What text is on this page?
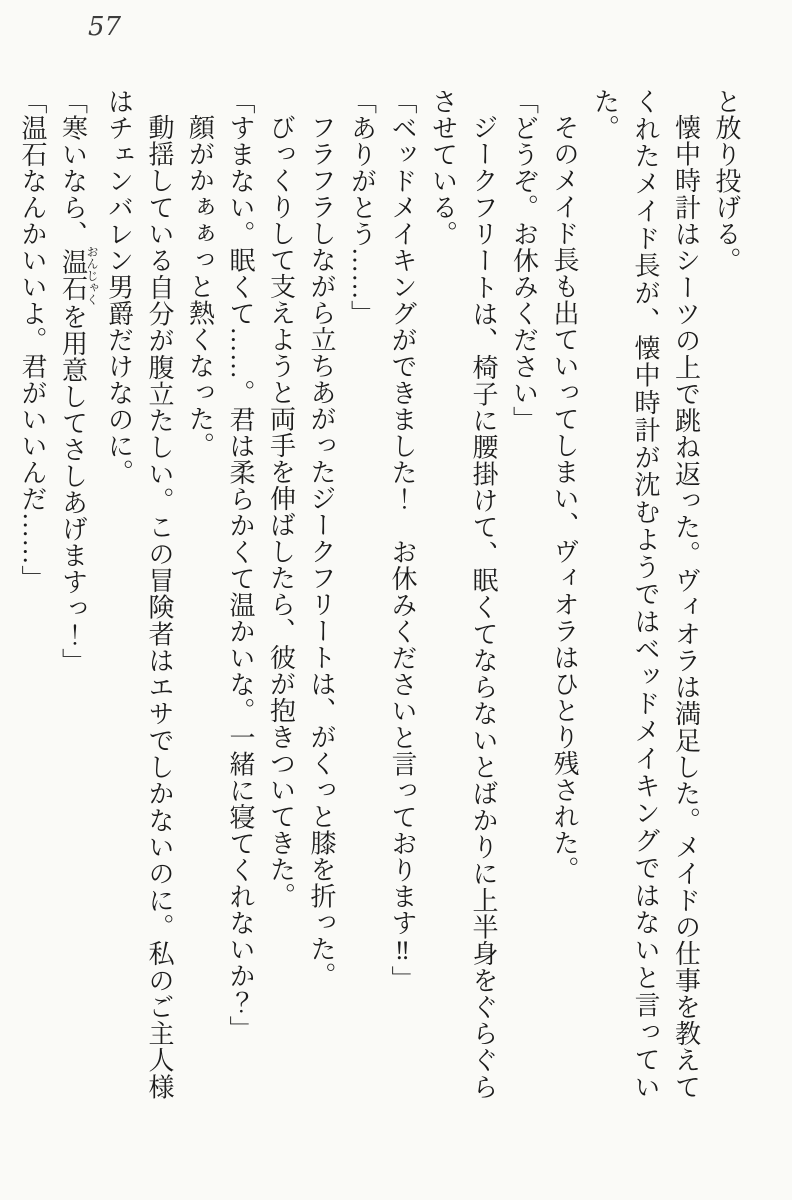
57

と放り投げる。

懐中時計はシーツの上で跳ね返った。ヴィオラは満足した。メイドの仕事を教えてくれたメイド長が、懐中時計が沈むようではベッドメイキングではないと言っていた。

そのメイド長も出ていってしまい、ヴィオラはひとり残された。

「どうぞ。お休みください」

ジークフリートは、椅子に腰掛けて、眠くてならないとばかりに上半身をぐらぐらさせている。

「ベッドメイキングができました！　お休みくださいと言っております‼」

「ありがとう……」

フラフラしながら立ちあがったジークフリートは、がくっと膝を折った。

びっくりして支えようと両手を伸ばしたら、彼が抱きついてきた。

「すまない。眠くて……。君は柔らかくて温かいな。一緒に寝てくれないか？」

顔がかぁぁっと熱くなった。

動揺している自分が腹立たしい。この冒険者はエサでしかないのに。私のご主人様はチェンバレン男爵だけなのに。

「寒いなら、温石おんじゃくを用意してさしあげますっ！」

「温石なんかいいよ。君がいいんだ……」
